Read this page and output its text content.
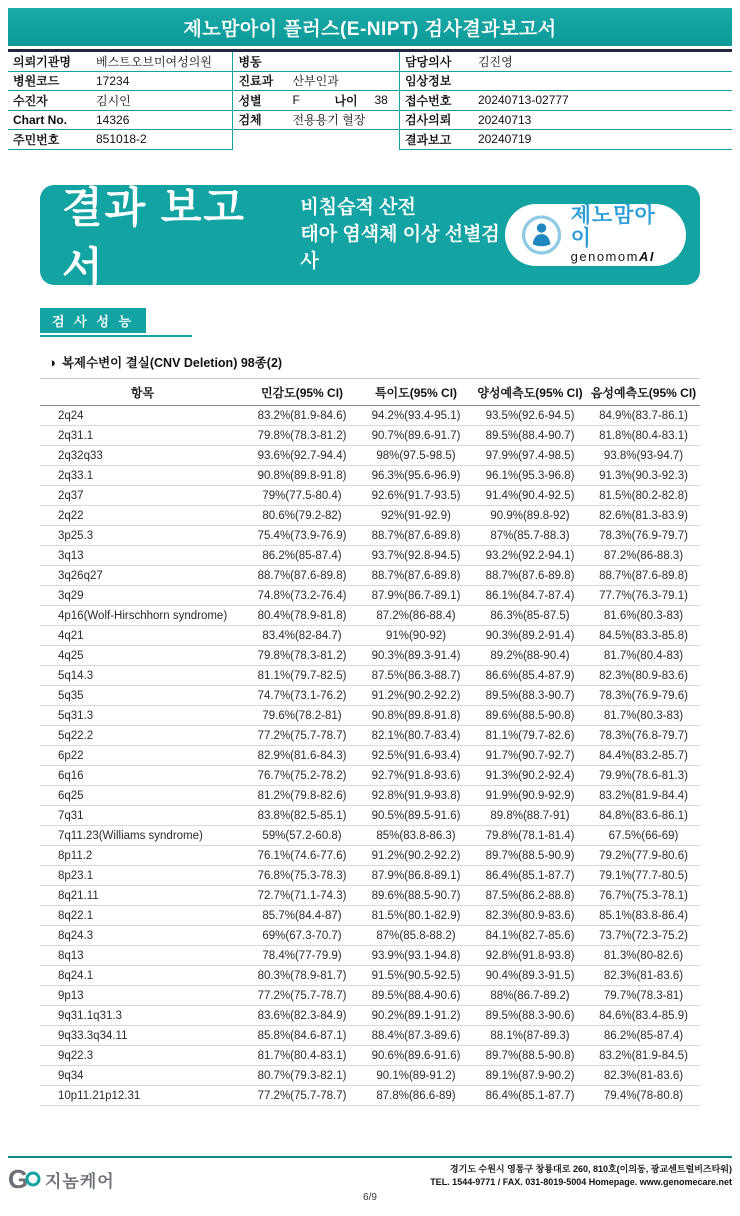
제노맘아이 플러스(E-NIPT) 검사결과보고서
의뢰기관명	베스트오브미여성의원
병원코드	17234
수진자	김시인
Chart No.	14326
주민번호	851018-2
병동
진료과	산부인과
성별	F	나이	38
검체	전용용기 혈장
담당의사	김진영
임상정보
접수번호	20240713-02777
검사의뢰	20240713
결과보고	20240719
결과 보고서
비침습적 산전
태아 염색체 이상 선별검사
제노맘아이
genomomAI
검 사 성 능
◑ 복제수변이 결실(CNV Deletion) 98종(2)
항목	민감도(95% CI)	특이도(95% CI)	양성예측도(95% CI)	음성예측도(95% CI)
2q24	83.2%(81.9-84.6)	94.2%(93.4-95.1)	93.5%(92.6-94.5)	84.9%(83.7-86.1)
2q31.1	79.8%(78.3-81.2)	90.7%(89.6-91.7)	89.5%(88.4-90.7)	81.8%(80.4-83.1)
2q32q33	93.6%(92.7-94.4)	98%(97.5-98.5)	97.9%(97.4-98.5)	93.8%(93-94.7)
2q33.1	90.8%(89.8-91.8)	96.3%(95.6-96.9)	96.1%(95.3-96.8)	91.3%(90.3-92.3)
2q37	79%(77.5-80.4)	92.6%(91.7-93.5)	91.4%(90.4-92.5)	81.5%(80.2-82.8)
2q22	80.6%(79.2-82)	92%(91-92.9)	90.9%(89.8-92)	82.6%(81.3-83.9)
3p25.3	75.4%(73.9-76.9)	88.7%(87.6-89.8)	87%(85.7-88.3)	78.3%(76.9-79.7)
3q13	86.2%(85-87.4)	93.7%(92.8-94.5)	93.2%(92.2-94.1)	87.2%(86-88.3)
3q26q27	88.7%(87.6-89.8)	88.7%(87.6-89.8)	88.7%(87.6-89.8)	88.7%(87.6-89.8)
3q29	74.8%(73.2-76.4)	87.9%(86.7-89.1)	86.1%(84.7-87.4)	77.7%(76.3-79.1)
4p16(Wolf-Hirschhorn syndrome)	80.4%(78.9-81.8)	87.2%(86-88.4)	86.3%(85-87.5)	81.6%(80.3-83)
4q21	83.4%(82-84.7)	91%(90-92)	90.3%(89.2-91.4)	84.5%(83.3-85.8)
4q25	79.8%(78.3-81.2)	90.3%(89.3-91.4)	89.2%(88-90.4)	81.7%(80.4-83)
5q14.3	81.1%(79.7-82.5)	87.5%(86.3-88.7)	86.6%(85.4-87.9)	82.3%(80.9-83.6)
5q35	74.7%(73.1-76.2)	91.2%(90.2-92.2)	89.5%(88.3-90.7)	78.3%(76.9-79.6)
5q31.3	79.6%(78.2-81)	90.8%(89.8-91.8)	89.6%(88.5-90.8)	81.7%(80.3-83)
5q22.2	77.2%(75.7-78.7)	82.1%(80.7-83.4)	81.1%(79.7-82.6)	78.3%(76.8-79.7)
6p22	82.9%(81.6-84.3)	92.5%(91.6-93.4)	91.7%(90.7-92.7)	84.4%(83.2-85.7)
6q16	76.7%(75.2-78.2)	92.7%(91.8-93.6)	91.3%(90.2-92.4)	79.9%(78.6-81.3)
6q25	81.2%(79.8-82.6)	92.8%(91.9-93.8)	91.9%(90.9-92.9)	83.2%(81.9-84.4)
7q31	83.8%(82.5-85.1)	90.5%(89.5-91.6)	89.8%(88.7-91)	84.8%(83.6-86.1)
7q11.23(Williams syndrome)	59%(57.2-60.8)	85%(83.8-86.3)	79.8%(78.1-81.4)	67.5%(66-69)
8p11.2	76.1%(74.6-77.6)	91.2%(90.2-92.2)	89.7%(88.5-90.9)	79.2%(77.9-80.6)
8p23.1	76.8%(75.3-78.3)	87.9%(86.8-89.1)	86.4%(85.1-87.7)	79.1%(77.7-80.5)
8q21.11	72.7%(71.1-74.3)	89.6%(88.5-90.7)	87.5%(86.2-88.8)	76.7%(75.3-78.1)
8q22.1	85.7%(84.4-87)	81.5%(80.1-82.9)	82.3%(80.9-83.6)	85.1%(83.8-86.4)
8q24.3	69%(67.3-70.7)	87%(85.8-88.2)	84.1%(82.7-85.6)	73.7%(72.3-75.2)
8q13	78.4%(77-79.9)	93.9%(93.1-94.8)	92.8%(91.8-93.8)	81.3%(80-82.6)
8q24.1	80.3%(78.9-81.7)	91.5%(90.5-92.5)	90.4%(89.3-91.5)	82.3%(81-83.6)
9p13	77.2%(75.7-78.7)	89.5%(88.4-90.6)	88%(86.7-89.2)	79.7%(78.3-81)
9q31.1q31.3	83.6%(82.3-84.9)	90.2%(89.1-91.2)	89.5%(88.3-90.6)	84.6%(83.4-85.9)
9q33.3q34.11	85.8%(84.6-87.1)	88.4%(87.3-89.6)	88.1%(87-89.3)	86.2%(85-87.4)
9q22.3	81.7%(80.4-83.1)	90.6%(89.6-91.6)	89.7%(88.5-90.8)	83.2%(81.9-84.5)
9q34	80.7%(79.3-82.1)	90.1%(89-91.2)	89.1%(87.9-90.2)	82.3%(81-83.6)
10p11.21p12.31	77.2%(75.7-78.7)	87.8%(86.6-89)	86.4%(85.1-87.7)	79.4%(78-80.8)
G 지놈케어
경기도 수원시 영통구 창룡대로 260, 810호(이의동, 광교센트럴비즈타워)
TEL. 1544-9771 / FAX. 031-8019-5004 Homepage. www.genomecare.net
6/9
